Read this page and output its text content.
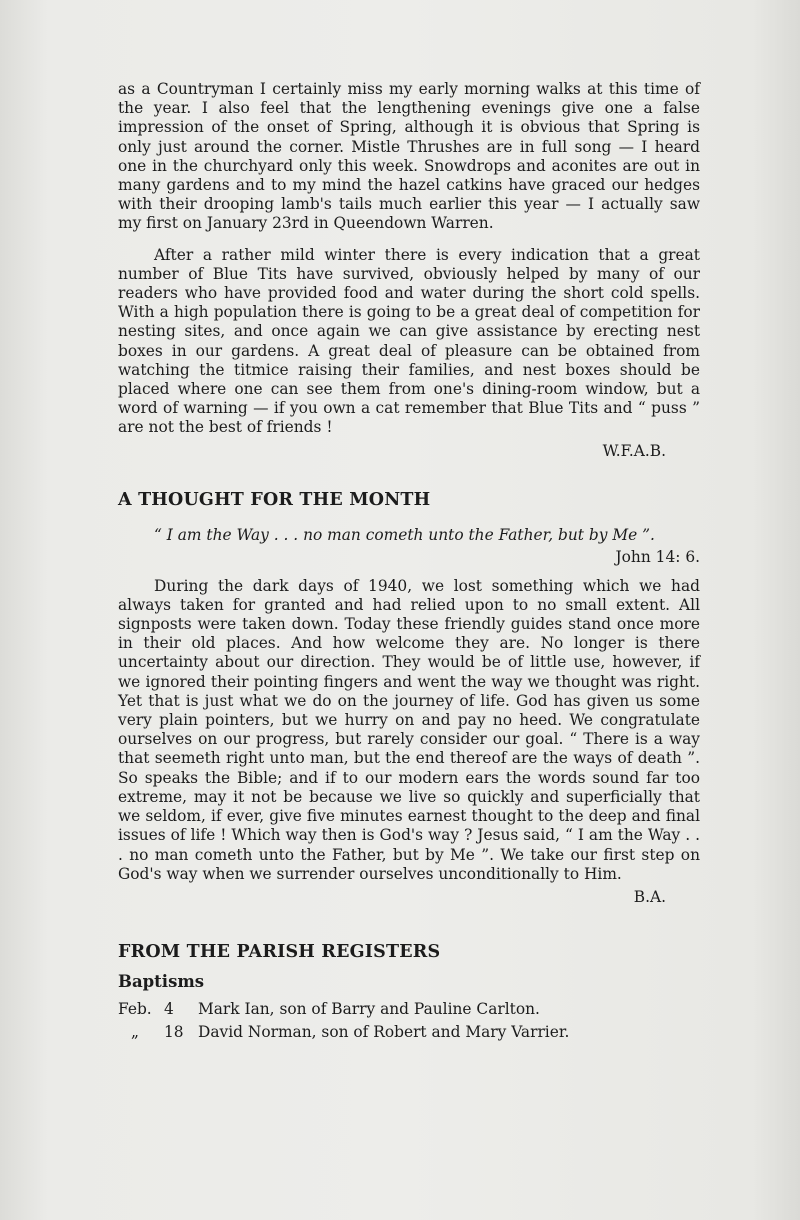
as a Countryman I certainly miss my early morning walks at this time of the year. I also feel that the lengthening evenings give one a false impression of the onset of Spring, although it is obvious that Spring is only just around the corner. Mistle Thrushes are in full song — I heard one in the churchyard only this week. Snowdrops and aconites are out in many gardens and to my mind the hazel catkins have graced our hedges with their drooping lamb's tails much earlier this year — I actually saw my first on January 23rd in Queendown Warren.

After a rather mild winter there is every indication that a great number of Blue Tits have survived, obviously helped by many of our readers who have provided food and water during the short cold spells. With a high population there is going to be a great deal of competition for nesting sites, and once again we can give assistance by erecting nest boxes in our gardens. A great deal of pleasure can be obtained from watching the titmice raising their families, and nest boxes should be placed where one can see them from one's dining-room window, but a word of warning — if you own a cat remember that Blue Tits and “ puss ” are not the best of friends !

W.F.A.B.

A THOUGHT FOR THE MONTH

“ I am the Way . . . no man cometh unto the Father, but by Me ”.

John 14: 6.

During the dark days of 1940, we lost something which we had always taken for granted and had relied upon to no small extent. All signposts were taken down. Today these friendly guides stand once more in their old places. And how welcome they are. No longer is there uncertainty about our direction. They would be of little use, however, if we ignored their pointing fingers and went the way we thought was right. Yet that is just what we do on the journey of life. God has given us some very plain pointers, but we hurry on and pay no heed. We congratulate ourselves on our progress, but rarely consider our goal. “ There is a way that seemeth right unto man, but the end thereof are the ways of death ”. So speaks the Bible; and if to our modern ears the words sound far too extreme, may it not be because we live so quickly and superficially that we seldom, if ever, give five minutes earnest thought to the deep and final issues of life ! Which way then is God's way ? Jesus said, “ I am the Way . . . no man cometh unto the Father, but by Me ”. We take our first step on God's way when we surrender ourselves unconditionally to Him.

B.A.

FROM THE PARISH REGISTERS
Baptisms
Feb. 4	Mark Ian, son of Barry and Pauline Carlton.
„	18 David Norman, son of Robert and Mary Varrier.
